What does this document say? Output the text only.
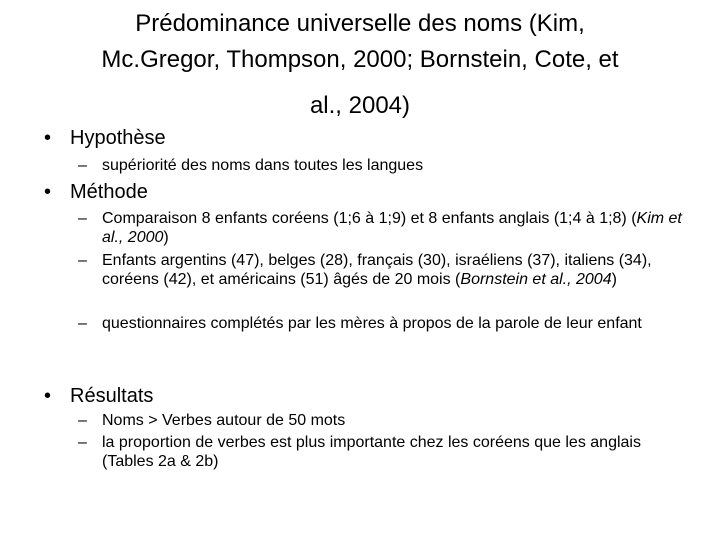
Prédominance universelle des noms (Kim,
Mc.Gregor, Thompson, 2000; Bornstein, Cote, et
al., 2004)
• Hypothèse
– supériorité des noms dans toutes les langues
• Méthode
– Comparaison 8 enfants coréens (1;6 à 1;9) et 8 enfants anglais (1;4 à 1;8) (Kim et al., 2000)
– Enfants argentins (47), belges (28), français (30), israéliens (37), italiens (34), coréens (42), et américains (51) âgés de 20 mois (Bornstein et al., 2004)
– questionnaires complétés par les mères à propos de la parole de leur enfant
• Résultats
– Noms > Verbes autour de 50 mots
– la proportion de verbes est plus importante chez les coréens que les anglais (Tables 2a & 2b)
